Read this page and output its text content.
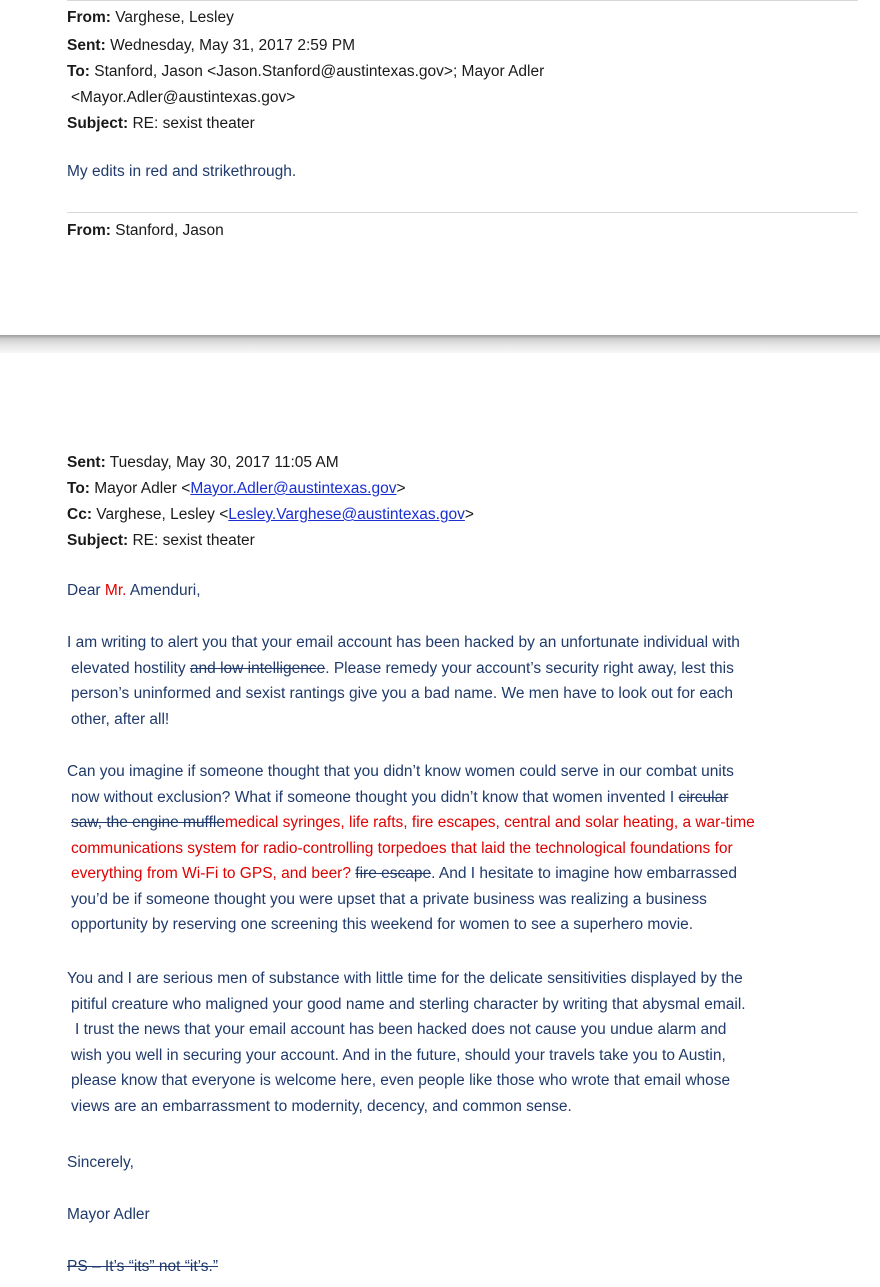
From: Varghese, Lesley
Sent: Wednesday, May 31, 2017 2:59 PM
To: Stanford, Jason <Jason.Stanford@austintexas.gov>; Mayor Adler
<Mayor.Adler@austintexas.gov>
Subject: RE: sexist theater
My edits in red and strikethrough.
From: Stanford, Jason
Sent: Tuesday, May 30, 2017 11:05 AM
To: Mayor Adler <Mayor.Adler@austintexas.gov>
Cc: Varghese, Lesley <Lesley.Varghese@austintexas.gov>
Subject: RE: sexist theater
Dear Mr. Amenduri,
I am writing to alert you that your email account has been hacked by an unfortunate individual with
elevated hostility and low intelligence. Please remedy your account’s security right away, lest this
person’s uninformed and sexist rantings give you a bad name. We men have to look out for each
other, after all!
Can you imagine if someone thought that you didn’t know women could serve in our combat units
now without exclusion? What if someone thought you didn’t know that women invented I circular
saw, the engine mufflemedical syringes, life rafts, fire escapes, central and solar heating, a war-time
communications system for radio-controlling torpedoes that laid the technological foundations for
everything from Wi-Fi to GPS, and beer? fire escape. And I hesitate to imagine how embarrassed
you’d be if someone thought you were upset that a private business was realizing a business
opportunity by reserving one screening this weekend for women to see a superhero movie.
You and I are serious men of substance with little time for the delicate sensitivities displayed by the
pitiful creature who maligned your good name and sterling character by writing that abysmal email.
I trust the news that your email account has been hacked does not cause you undue alarm and
wish you well in securing your account. And in the future, should your travels take you to Austin,
please know that everyone is welcome here, even people like those who wrote that email whose
views are an embarrassment to modernity, decency, and common sense.
Sincerely,
Mayor Adler
PS – It’s “its” not “it’s.”
